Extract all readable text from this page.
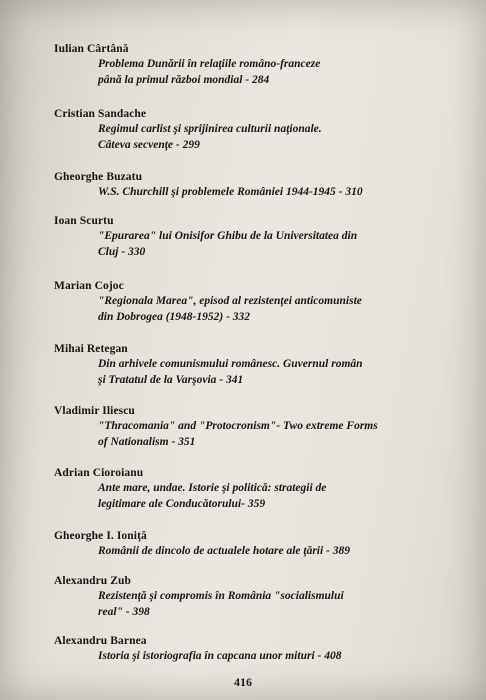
Iulian Cârtână
Problema Dunării în relaţiile româno-franceze
până la primul război mondial - 284
Cristian Sandache
Regimul carlist şi sprijinirea culturii naţionale.
Câteva secvenţe - 299
Gheorghe Buzatu
W.S. Churchill şi problemele României 1944-1945 - 310
Ioan Scurtu
"Epurarea" lui Onisifor Ghibu de la Universitatea din
Cluj - 330
Marian Cojoc
"Regionala Marea", episod al rezistenţei anticomuniste
din Dobrogea (1948-1952) - 332
Mihai Retegan
Din arhivele comunismului românesc. Guvernul român
şi Tratatul de la Varşovia - 341
Vladimir Iliescu
"Thracomania" and "Protocronism"- Two extreme Forms
of Nationalism - 351
Adrian Cioroianu
Ante mare, undae. Istorie şi politică: strategii de
legitimare ale Conducătorului- 359
Gheorghe I. Ioniţă
Românii de dincolo de actualele hotare ale ţării - 389
Alexandru Zub
Rezistenţă şi compromis în România "socialismului
real" - 398
Alexandru Barnea
Istoria şi istoriografia în capcana unor mituri - 408
416
